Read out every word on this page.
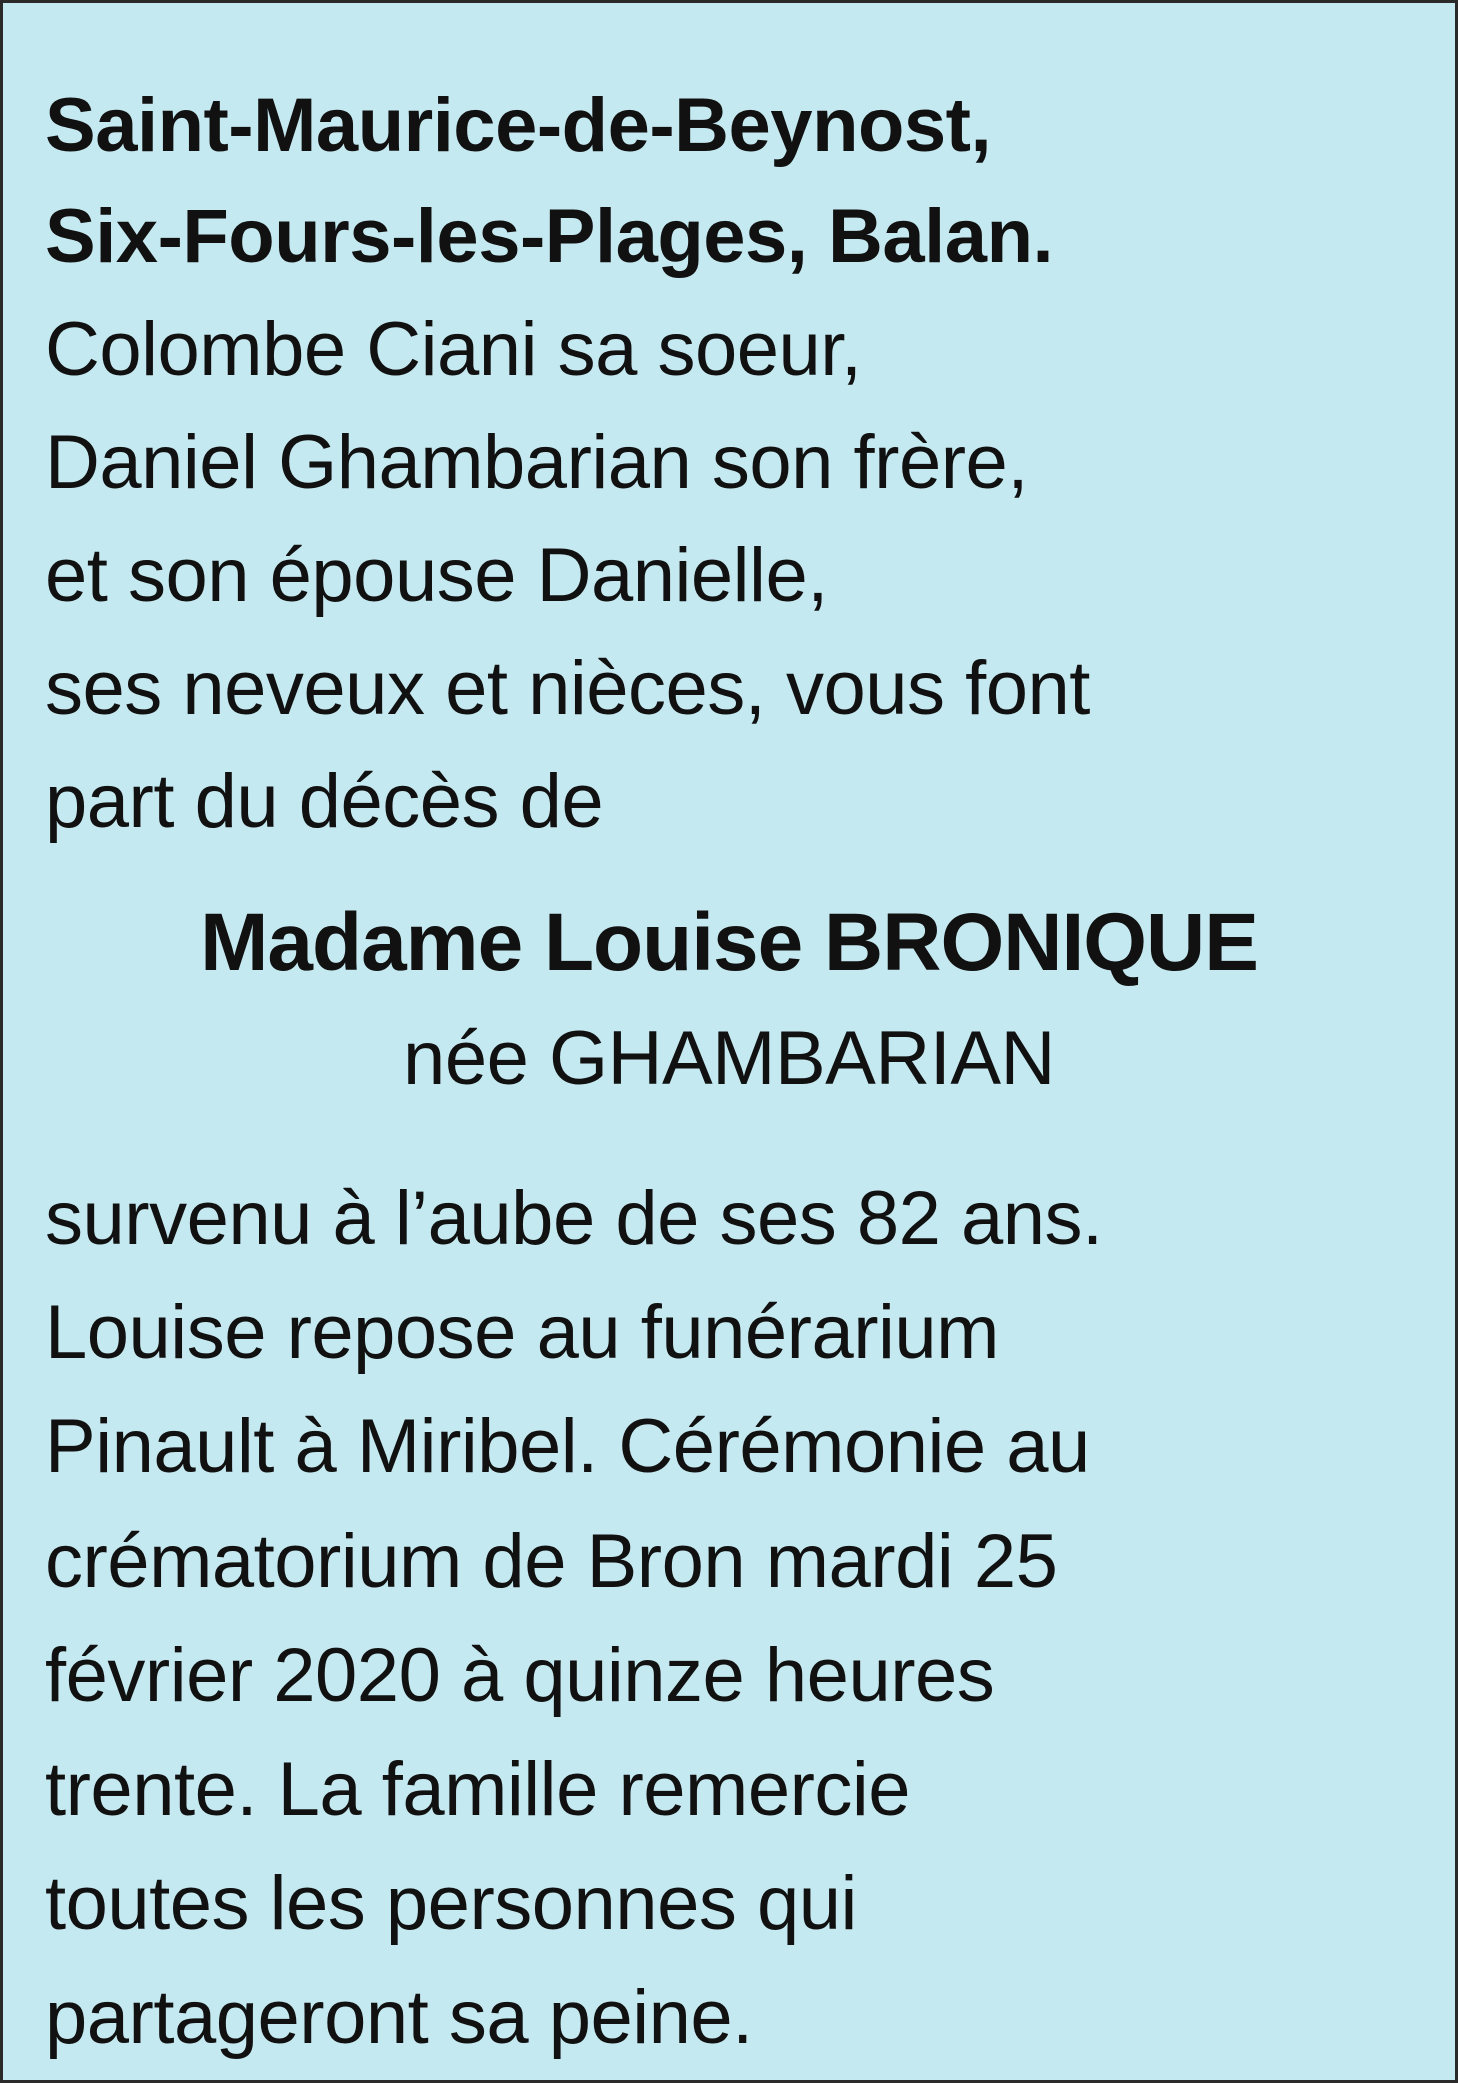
Saint-Maurice-de-Beynost,
Six-Fours-les-Plages, Balan.
Colombe Ciani sa soeur,
Daniel Ghambarian son frère,
et son épouse Danielle,
ses neveux et nièces, vous font
part du décès de
Madame Louise BRONIQUE
née GHAMBARIAN
survenu à l’aube de ses 82 ans.
Louise repose au funérarium
Pinault à Miribel. Cérémonie au
crématorium de Bron mardi 25
février 2020 à quinze heures
trente. La famille remercie
toutes les personnes qui
partageront sa peine.
